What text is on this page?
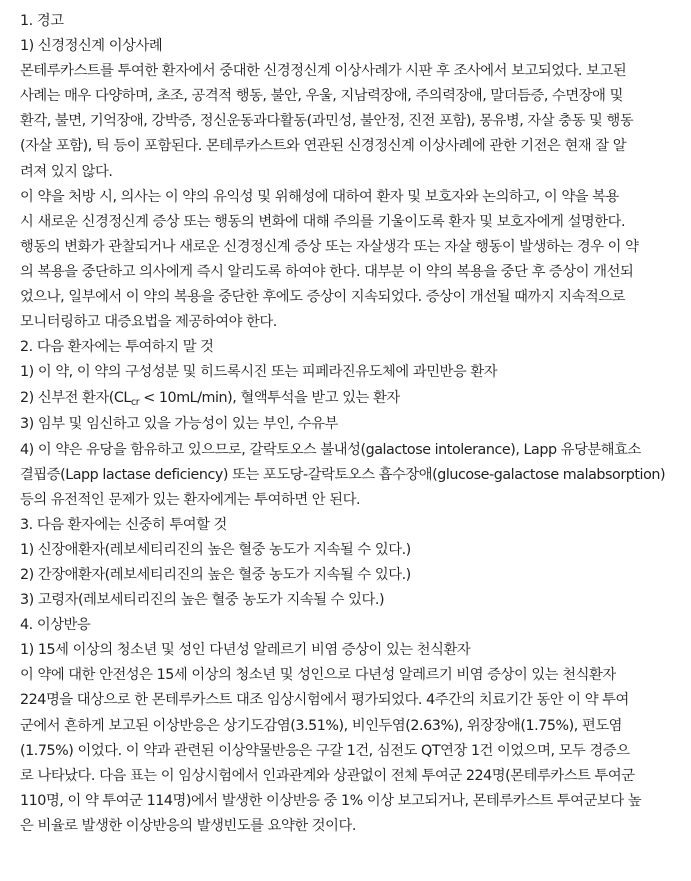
1. 경고
1) 신경정신계 이상사례
몬테루카스트를 투여한 환자에서 중대한 신경정신계 이상사례가 시판 후 조사에서 보고되었다. 보고된
사례는 매우 다양하며, 초조, 공격적 행동, 불안, 우울, 지남력장애, 주의력장애, 말더듬증, 수면장애 및
환각, 불면, 기억장애, 강박증, 정신운동과다활동(과민성, 불안정, 진전 포함), 몽유병, 자살 충동 및 행동
(자살 포함), 틱 등이 포함된다. 몬테루카스트와 연관된 신경정신계 이상사례에 관한 기전은 현재 잘 알
려져 있지 않다.
이 약을 처방 시, 의사는 이 약의 유익성 및 위해성에 대하여 환자 및 보호자와 논의하고, 이 약을 복용
시 새로운 신경정신계 증상 또는 행동의 변화에 대해 주의를 기울이도록 환자 및 보호자에게 설명한다.
행동의 변화가 관찰되거나 새로운 신경정신계 증상 또는 자살생각 또는 자살 행동이 발생하는 경우 이 약
의 복용을 중단하고 의사에게 즉시 알리도록 하여야 한다. 대부분 이 약의 복용을 중단 후 증상이 개선되
었으나, 일부에서 이 약의 복용을 중단한 후에도 증상이 지속되었다. 증상이 개선될 때까지 지속적으로
모니터링하고 대증요법을 제공하여야 한다.
2. 다음 환자에는 투여하지 말 것
1) 이 약, 이 약의 구성성분 및 히드록시진 또는 피페라진유도체에 과민반응 환자
2) 신부전 환자$(CL_{cr} < 10mL/\min)$, 혈액투석을 받고 있는 환자
3) 임부 및 임신하고 있을 가능성이 있는 부인, 수유부
4) 이 약은 유당을 함유하고 있으므로, 갈락토오스 불내성(galactose intolerance), Lapp 유당분해효소
결핍증(Lapp lactase deficiency) 또는 포도당-갈락토오스 흡수장애(glucose-galactose malabsorption)
등의 유전적인 문제가 있는 환자에게는 투여하면 안 된다.
3. 다음 환자에는 신중히 투여할 것
1) 신장애환자(레보세티리진의 높은 혈중 농도가 지속될 수 있다.)
2) 간장애환자(레보세티리진의 높은 혈중 농도가 지속될 수 있다.)
3) 고령자(레보세티리진의 높은 혈중 농도가 지속될 수 있다.)
4. 이상반응
1) 15세 이상의 청소년 및 성인 다년성 알레르기 비염 증상이 있는 천식환자
이 약에 대한 안전성은 15세 이상의 청소년 및 성인으로 다년성 알레르기 비염 증상이 있는 천식환자
224명을 대상으로 한 몬테루카스트 대조 임상시험에서 평가되었다. 4주간의 치료기간 동안 이 약 투여
군에서 흔하게 보고된 이상반응은 상기도감염(3.51%), 비인두염(2.63%), 위장장애(1.75%), 편도염
(1.75%) 이었다. 이 약과 관련된 이상약물반응은 구갈 1건, 심전도 QT연장 1건 이었으며, 모두 경증으
로 나타났다. 다음 표는 이 임상시험에서 인과관계와 상관없이 전체 투여군 224명(몬테루카스트 투여군
110명, 이 약 투여군 114명)에서 발생한 이상반응 중 1% 이상 보고되거나, 몬테루카스트 투여군보다 높
은 비율로 발생한 이상반응의 발생빈도를 요약한 것이다.
